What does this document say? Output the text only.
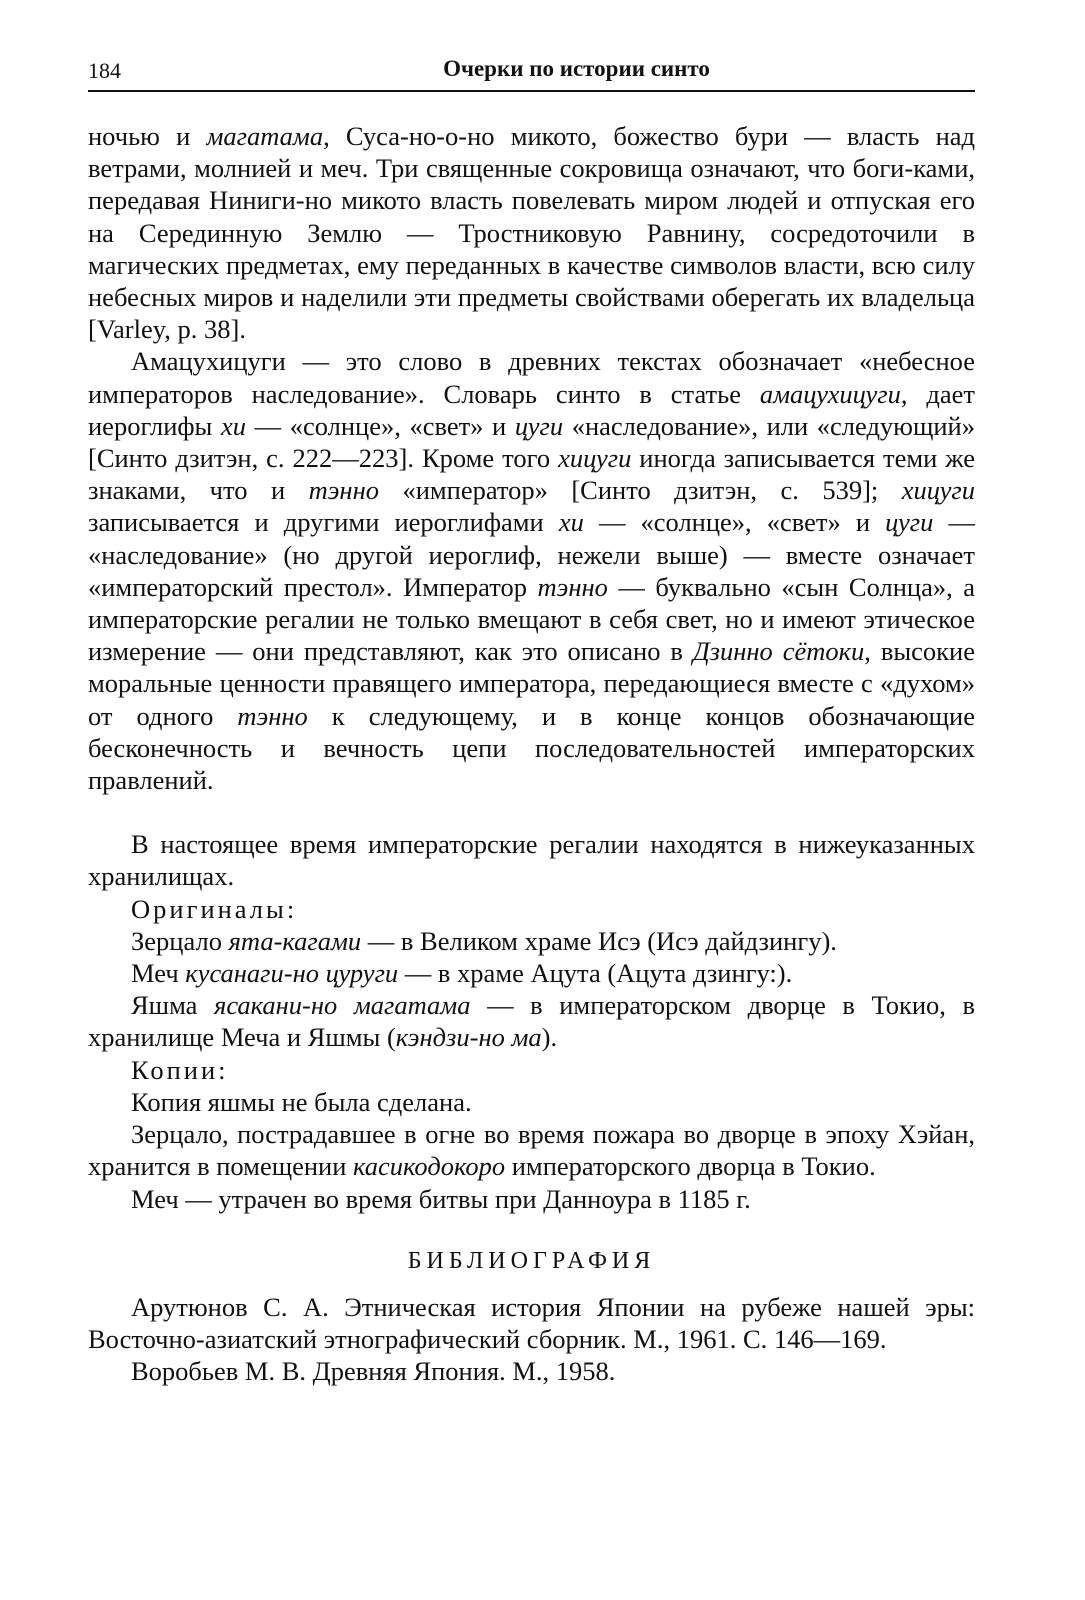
184	Очерки по истории синто

ночью и магатама, Суса-но-о-но микото, божество бури — власть над ветрами, молнией и меч. Три священные сокровища означают, что боги-ками, передавая Ниниги-но микото власть повелевать миром людей и отпуская его на Серединную Землю — Тростниковую Равнину, сосредоточили в магических предметах, ему переданных в качестве символов власти, всю силу небесных миров и наделили эти предметы свойствами оберегать их владельца [Varley, p. 38].

Амацухицуги — это слово в древних текстах обозначает «небесное императоров наследование». Словарь синто в статье амацухицуги, дает иероглифы хи — «солнце», «свет» и цуги «наследование», или «следующий» [Синто дзитэн, с. 222—223]. Кроме того хицуги иногда записывается теми же знаками, что и тэнно «император» [Синто дзитэн, с. 539]; хицуги записывается и другими иероглифами хи — «солнце», «свет» и цуги — «наследование» (но другой иероглиф, нежели выше) — вместе означает «императорский престол». Император тэнно — буквально «сын Солнца», а императорские регалии не только вмещают в себя свет, но и имеют этическое измерение — они представляют, как это описано в Дзинно сётоки, высокие моральные ценности правящего императора, передающиеся вместе с «духом» от одного тэнно к следующему, и в конце концов обозначающие бесконечность и вечность цепи последовательностей императорских правлений.

В настоящее время императорские регалии находятся в нижеуказанных хранилищах.

Оригиналы:

Зерцало ята-кагами — в Великом храме Исэ (Исэ дайдзингу).

Меч кусанаги-но цуруги — в храме Ацута (Ацута дзингу:).

Яшма ясакани-но магатама — в императорском дворце в Токио, в хранилище Меча и Яшмы (кэндзи-но ма).

Копии:

Копия яшмы не была сделана.

Зерцало, пострадавшее в огне во время пожара во дворце в эпоху Хэйан, хранится в помещении касикодокоро императорского дворца в Токио.

Меч — утрачен во время битвы при Данноура в 1185 г.

БИБЛИОГРАФИЯ

Арутюнов С. А. Этническая история Японии на рубеже нашей эры: Восточно-азиатский этнографический сборник. М., 1961. С. 146—169.

Воробьев М. В. Древняя Япония. М., 1958.
